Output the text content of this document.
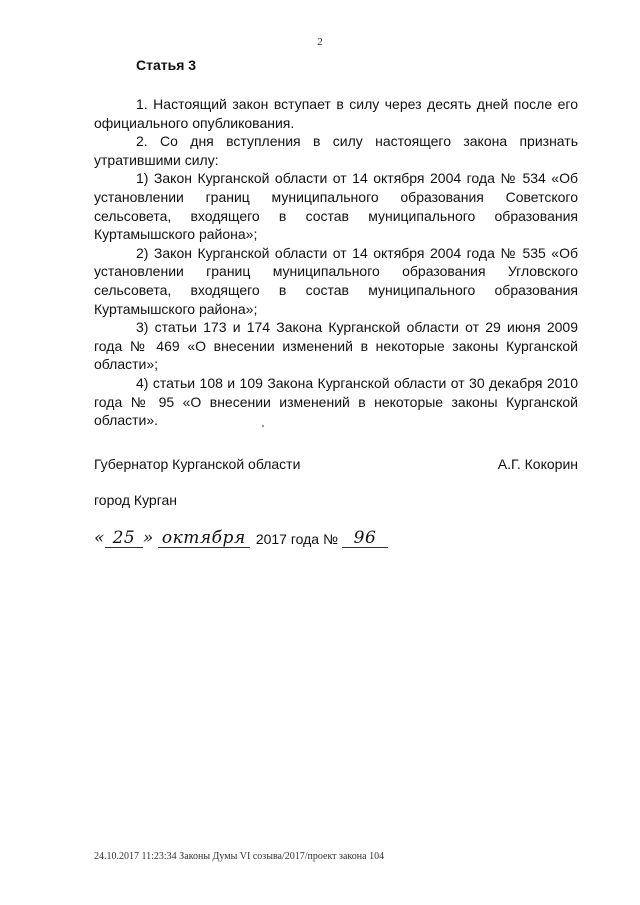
2
Статья 3

1. Настоящий закон вступает в силу через десять дней после его официального опубликования.

2. Со дня вступления в силу настоящего закона признать утратившими силу:

1) Закон Курганской области от 14 октября 2004 года № 534 «Об установлении границ муниципального образования Советского сельсовета, входящего в состав муниципального образования Куртамышского района»;

2) Закон Курганской области от 14 октября 2004 года № 535 «Об установлении границ муниципального образования Угловского сельсовета, входящего в состав муниципального образования Куртамышского района»;

3) статьи 173 и 174 Закона Курганской области от 29 июня 2009 года № 469 «О внесении изменений в некоторые законы Курганской области»;

4) статьи 108 и 109 Закона Курганской области от 30 декабря 2010 года № 95 «О внесении изменений в некоторые законы Курганской области».

Губернатор Курганской области	А.Г. Кокорин
город Курган
« 25 » октября 2017 года № 96
24.10.2017 11:23:34 Законы Думы VI созыва/2017/проект закона 104
